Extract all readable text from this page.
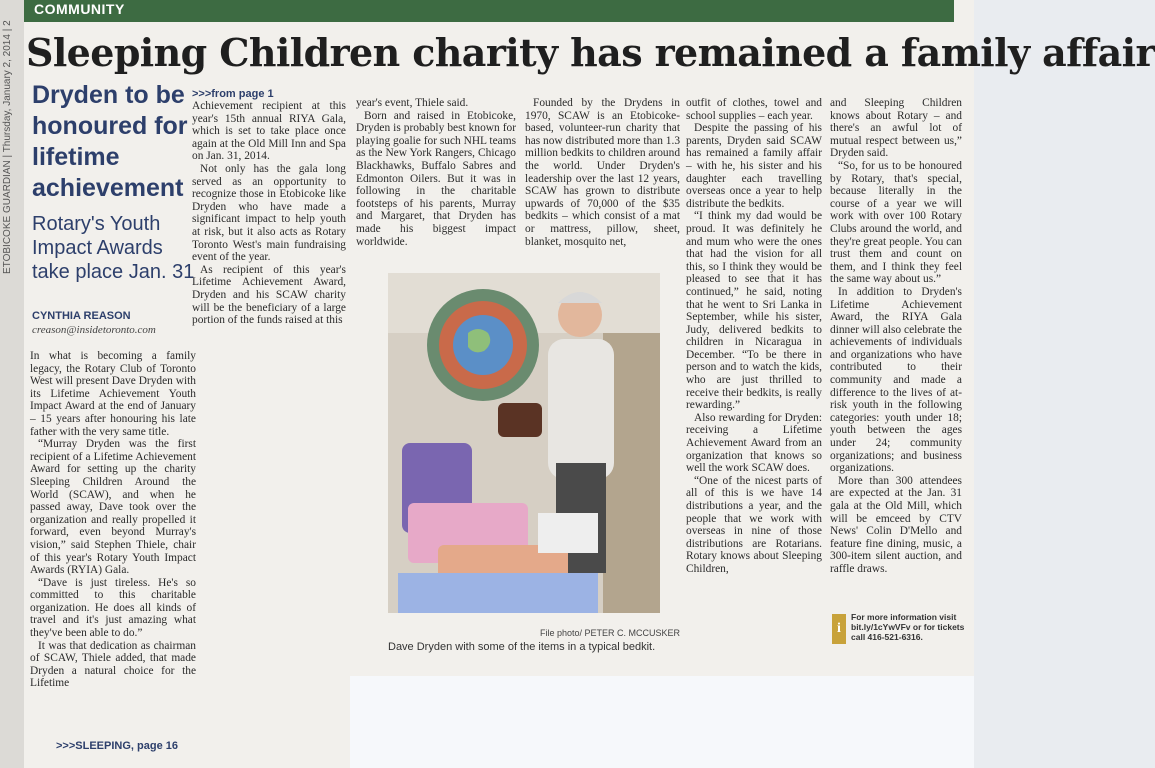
ETOBICOKE GUARDIAN | Thursday, January 2, 2014 | 2
COMMUNITY
Sleeping Children charity has remained a family affair
Dryden to be honoured for lifetime achievement
Rotary's Youth Impact Awards take place Jan. 31
CYNTHIA REASON
creason@insidetoronto.com

In what is becoming a family legacy, the Rotary Club of Toronto West will present Dave Dryden with its Lifetime Achievement Youth Impact Award at the end of January – 15 years after honouring his late father with the very same title.

“Murray Dryden was the first recipient of a Lifetime Achievement Award for setting up the charity Sleeping Children Around the World (SCAW), and when he passed away, Dave took over the organization and really propelled it forward, even beyond Murray's vision,” said Stephen Thiele, chair of this year's Rotary Youth Impact Awards (RYIA) Gala.

“Dave is just tireless. He's so committed to this charitable organization. He does all kinds of travel and it's just amazing what they've been able to do.”

It was that dedication as chairman of SCAW, Thiele added, that made Dryden a natural choice for the Lifetime

>>>SLEEPING, page 16
>>>from page 1

Achievement recipient at this year's 15th annual RIYA Gala, which is set to take place once again at the Old Mill Inn and Spa on Jan. 31, 2014.

Not only has the gala long served as an opportunity to recognize those in Etobicoke like Dryden who have made a significant impact to help youth at risk, but it also acts as Rotary Toronto West's main fundraising event of the year.

As recipient of this year's Lifetime Achievement Award, Dryden and his SCAW charity will be the beneficiary of a large portion of the funds raised at this

year's event, Thiele said.

Born and raised in Etobicoke, Dryden is probably best known for playing goalie for such NHL teams as the New York Rangers, Chicago Blackhawks, Buffalo Sabres and Edmonton Oilers. But it was in following in the charitable footsteps of his parents, Murray and Margaret, that Dryden has made his biggest impact worldwide.

Founded by the Drydens in 1970, SCAW is an Etobicoke-based, volunteer-run charity that has now distributed more than 1.3 million bedkits to children around the world. Under Dryden's leadership over the last 12 years, SCAW has grown to distribute upwards of 70,000 of the $35 bedkits – which consist of a mat or mattress, pillow, sheet, blanket, mosquito net,

outfit of clothes, towel and school supplies – each year.

Despite the passing of his parents, Dryden said SCAW has remained a family affair – with he, his sister and his daughter each travelling overseas once a year to help distribute the bedkits.

“I think my dad would be proud. It was definitely he and mum who were the ones that had the vision for all this, so I think they would be pleased to see that it has continued,” he said, noting that he went to Sri Lanka in September, while his sister, Judy, delivered bedkits to children in Nicaragua in December. “To be there in person and to watch the kids, who are just thrilled to receive their bedkits, is really rewarding.”

Also rewarding for Dryden: receiving a Lifetime Achievement Award from an organization that knows so well the work SCAW does.

“One of the nicest parts of all of this is we have 14 distributions a year, and the people that we work with overseas in nine of those distributions are Rotarians. Rotary knows about Sleeping Children,

and Sleeping Children knows about Rotary – and there's an awful lot of mutual respect between us,” Dryden said.

“So, for us to be honoured by Rotary, that's special, because literally in the course of a year we will work with over 100 Rotary Clubs around the world, and they're great people. You can trust them and count on them, and I think they feel the same way about us.”

In addition to Dryden's Lifetime Achievement Award, the RIYA Gala dinner will also celebrate the achievements of individuals and organizations who have contributed to their community and made a difference to the lives of at-risk youth in the following categories: youth under 18; youth between the ages under 24; community organizations; and business organizations.

More than 300 attendees are expected at the Jan. 31 gala at the Old Mill, which will be emceed by CTV News' Colin D'Mello and feature fine dining, music, a 300-item silent auction, and raffle draws.

i
For more information visit bit.ly/1cYwVFv or for tickets call 416-521-6316.
File photo/ PETER C. MCCUSKER
Dave Dryden with some of the items in a typical bedkit.
